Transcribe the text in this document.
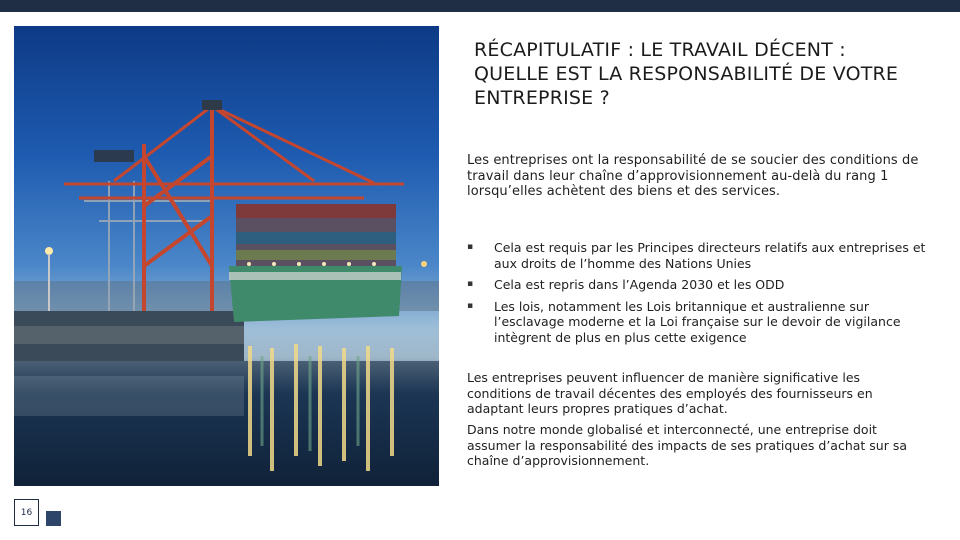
RÉCAPITULATIF : LE TRAVAIL DÉCENT : QUELLE EST LA RESPONSABILITÉ DE VOTRE ENTREPRISE ?

Les entreprises ont la responsabilité de se soucier des conditions de travail dans leur chaîne d’approvisionnement au-delà du rang 1 lorsqu’elles achètent des biens et des services.

▪ Cela est requis par les Principes directeurs relatifs aux entreprises et aux droits de l’homme des Nations Unies
▪ Cela est repris dans l’Agenda 2030 et les ODD
▪ Les lois, notamment les Lois britannique et australienne sur l’esclavage moderne et la Loi française sur le devoir de vigilance intègrent de plus en plus cette exigence

Les entreprises peuvent influencer de manière significative les conditions de travail décentes des employés des fournisseurs en adaptant leurs propres pratiques d’achat.

Dans notre monde globalisé et interconnecté, une entreprise doit assumer la responsabilité des impacts de ses pratiques d’achat sur sa chaîne d’approvisionnement.

16
